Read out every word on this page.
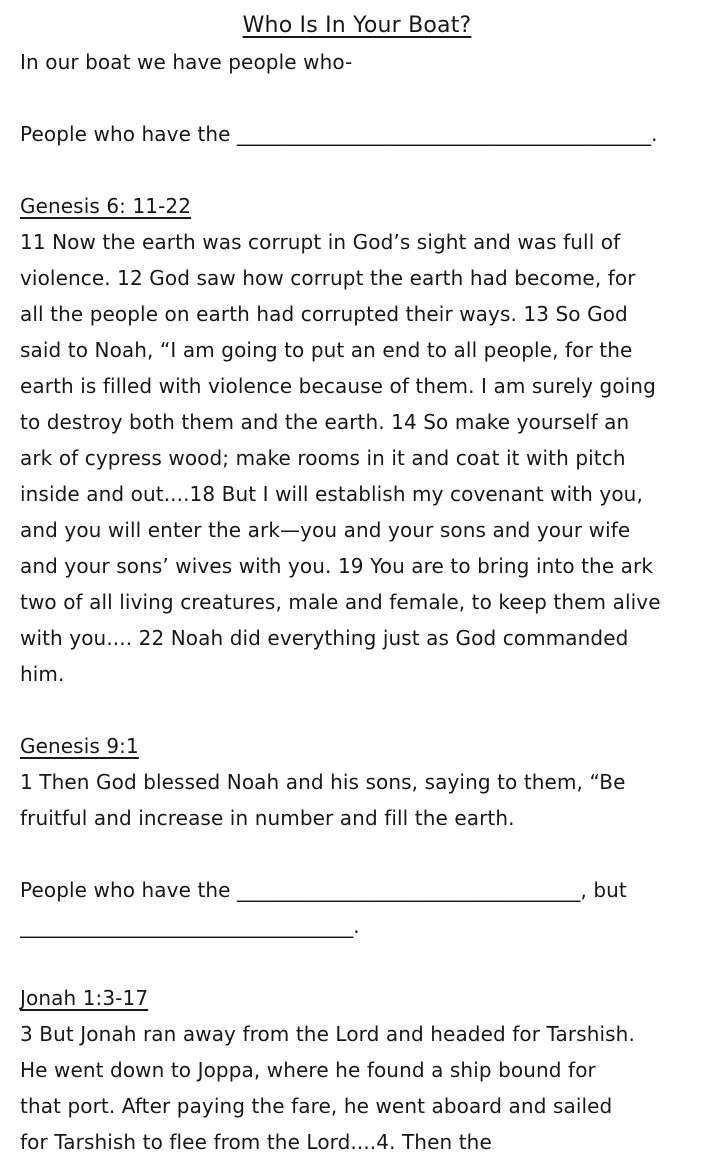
Who Is In Your Boat?
In our boat we have people who-
People who have the _________________________________________.
Genesis 6: 11-22
11 Now the earth was corrupt in God’s sight and was full of
violence. 12 God saw how corrupt the earth had become, for
all the people on earth had corrupted their ways. 13 So God
said to Noah, “I am going to put an end to all people, for the
earth is filled with violence because of them. I am surely going
to destroy both them and the earth. 14 So make yourself an
ark of cypress wood; make rooms in it and coat it with pitch
inside and out....18 But I will establish my covenant with you,
and you will enter the ark—you and your sons and your wife
and your sons’ wives with you. 19 You are to bring into the ark
two of all living creatures, male and female, to keep them alive
with you.... 22 Noah did everything just as God commanded
him.
Genesis 9:1
1 Then God blessed Noah and his sons, saying to them, “Be
fruitful and increase in number and fill the earth.
People who have the __________________________________, but
_________________________________.
Jonah 1:3-17
3 But Jonah ran away from the Lord and headed for Tarshish.
He went down to Joppa, where he found a ship bound for
that port. After paying the fare, he went aboard and sailed
for Tarshish to flee from the Lord....4. Then the
